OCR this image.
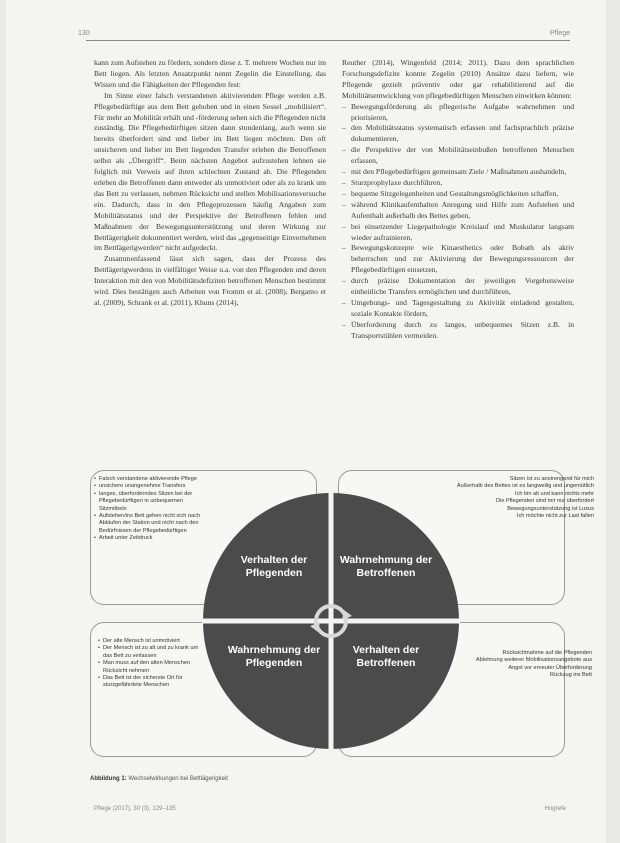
130	Pflege

kann zum Aufstehen zu fördern, sondern diese z. T. mehrere Wochen nur im Bett liegen. Als letzten Ansatzpunkt nennt Zegelin die Einstellung, das Wissen und die Fähigkeiten der Pflegenden fest:

Im Sinne einer falsch verstandenen aktivierenden Pflege werden z.B. Pflegebedürftige aus dem Bett gehoben und in einen Sessel „mobilisiert“. Für mehr an Mobilität erhält und -förderung sehen sich die Pflegenden nicht zuständig. Die Pflegebedürftigen sitzen dann stundenlang, auch wenn sie bereits überfordert sind und lieber im Bett liegen möchten. Den oft unsicheren und lieber im Bett liegenden Transfer erleben die Betroffenen selbst als „Übergriff“. Beim nächsten Angebot aufzustehen lehnen sie folglich mit Verweis auf ihren schlechten Zustand ab. Die Pflegenden erleben die Betroffenen dann entweder als unmotiviert oder als zu krank um das Bett zu verlassen, nehmen Rücksicht und stellen Mobilisationsversuche ein. Dadurch, dass in den Pflegeprozessen häufig Angaben zum Mobilitätsstatus und der Perspektive der Betroffenen fehlen und Maßnahmen der Bewegungsunterstützung und deren Wirkung zur Bettlägerigkeit dokumentiert werden, wird das „gegenseitige Einvernehmen im Bettlägerigwerden“ nicht aufgedeckt.

Zusammenfassend lässt sich sagen, dass der Prozess des Bettlägerigwerdens in vielfältiger Weise u.a. von den Pflegenden und deren Interaktion mit den von Mobilitätsdefiziten betroffenen Menschen bestimmt wird. Dies bestätigen auch Arbeiten von Fromm et al. (2008), Bergamo et al. (2009), Schrank et al. (2011), Khuns (2014),

Reuther (2014), Wingenfeld (2014; 2011). Dazu dem sprachlichen Forschungsdefizite konnte Zegelin (2010) Ansätze dazu liefern, wie Pflegende gezielt präventiv oder gar rehabilitierend auf die Mobilitätsentwicklung von pflegebedürftigen Menschen einwirken können:

– Bewegungsförderung als pflegerische Aufgabe wahrnehmen und priorisieren,
– den Mobilitätsstatus systematisch erfassen und fachsprachlich präzise dokumentieren,
– die Perspektive der von Mobilitätseinbußen betroffenen Menschen erfassen,
– mit den Pflegebedürftigen gemeinsam Ziele / Maßnahmen aushandeln,
– Sturzprophylaxe durchführen,
– bequeme Sitzgelegenheiten und Gestaltungsmöglichkeiten schaffen,
– während Klinikaufenthalten Anregung und Hilfe zum Aufstehen und Aufenthalt außerhalb des Bettes geben,
– bei einsetzender Liegepathologie Kreislauf und Muskulatur langsam wieder aufrainieren,
– Bewegungskonzepte wie Kinaesthetics oder Bobath als aktiv beherrschen und zur Aktivierung der Bewegungsressourcen der Pflegebedürftigen einsetzen,
– durch präzise Dokumentation der jeweiligen Vorgehensweise einheitliche Transfers ermöglichen und durchführen,
– Umgebungs- und Tagesgestaltung zu Aktivität einladend gestalten, soziale Kontakte fördern,
– Überforderung durch zu langes, unbequemes Sitzen z.B. in Transportstühlen vermeiden.
• Falsch verstandene aktivierende Pflege
• unsichere unangenehme Transfers
• langes, überforderndes Sitzen bei der Pflegebedürftigen in unbequemen Sitzmöbeln
• Aufstehen/ins Bett gehen nicht sich nach Abläufen der Station und nicht nach den Bedürfnissen der Pflegebedürftigen
• Arbeit unter Zeitdruck
Sitzen ist zu anstrengend für mich
Außerhalb des Bettes ist es langweilig und ungemütlich
Ich bin alt und kann nichts mehr
Die Pflegenden sind mir nur überfordert
Bewegungsunterstützung ist Luxus
Ich möchte nicht zur Last fallen
• Der alte Mensch ist unmotiviert
• Der Mensch ist zu alt und zu krank um das Bett zu verlassen
• Man muss auf den alten Menschen Rücksicht nehmen
• Das Bett ist der sicherste Ort für sturzgefährdete Menschen
Rücksichtnahme auf die Pflegenden
Ablehnung weiterer Mobilisationsangebote aus Angst vor erneuter Überforderung
Rückzug ins Bett
Verhalten der Pflegenden
Wahrnehmung der Betroffenen
Wahrnehmung der Pflegenden
Verhalten der Betroffenen
Abbildung 1: Wechselwirkungen bei Bettlägerigkeit
Pflege (2017), 30 (3), 129–135	Hogrefe
